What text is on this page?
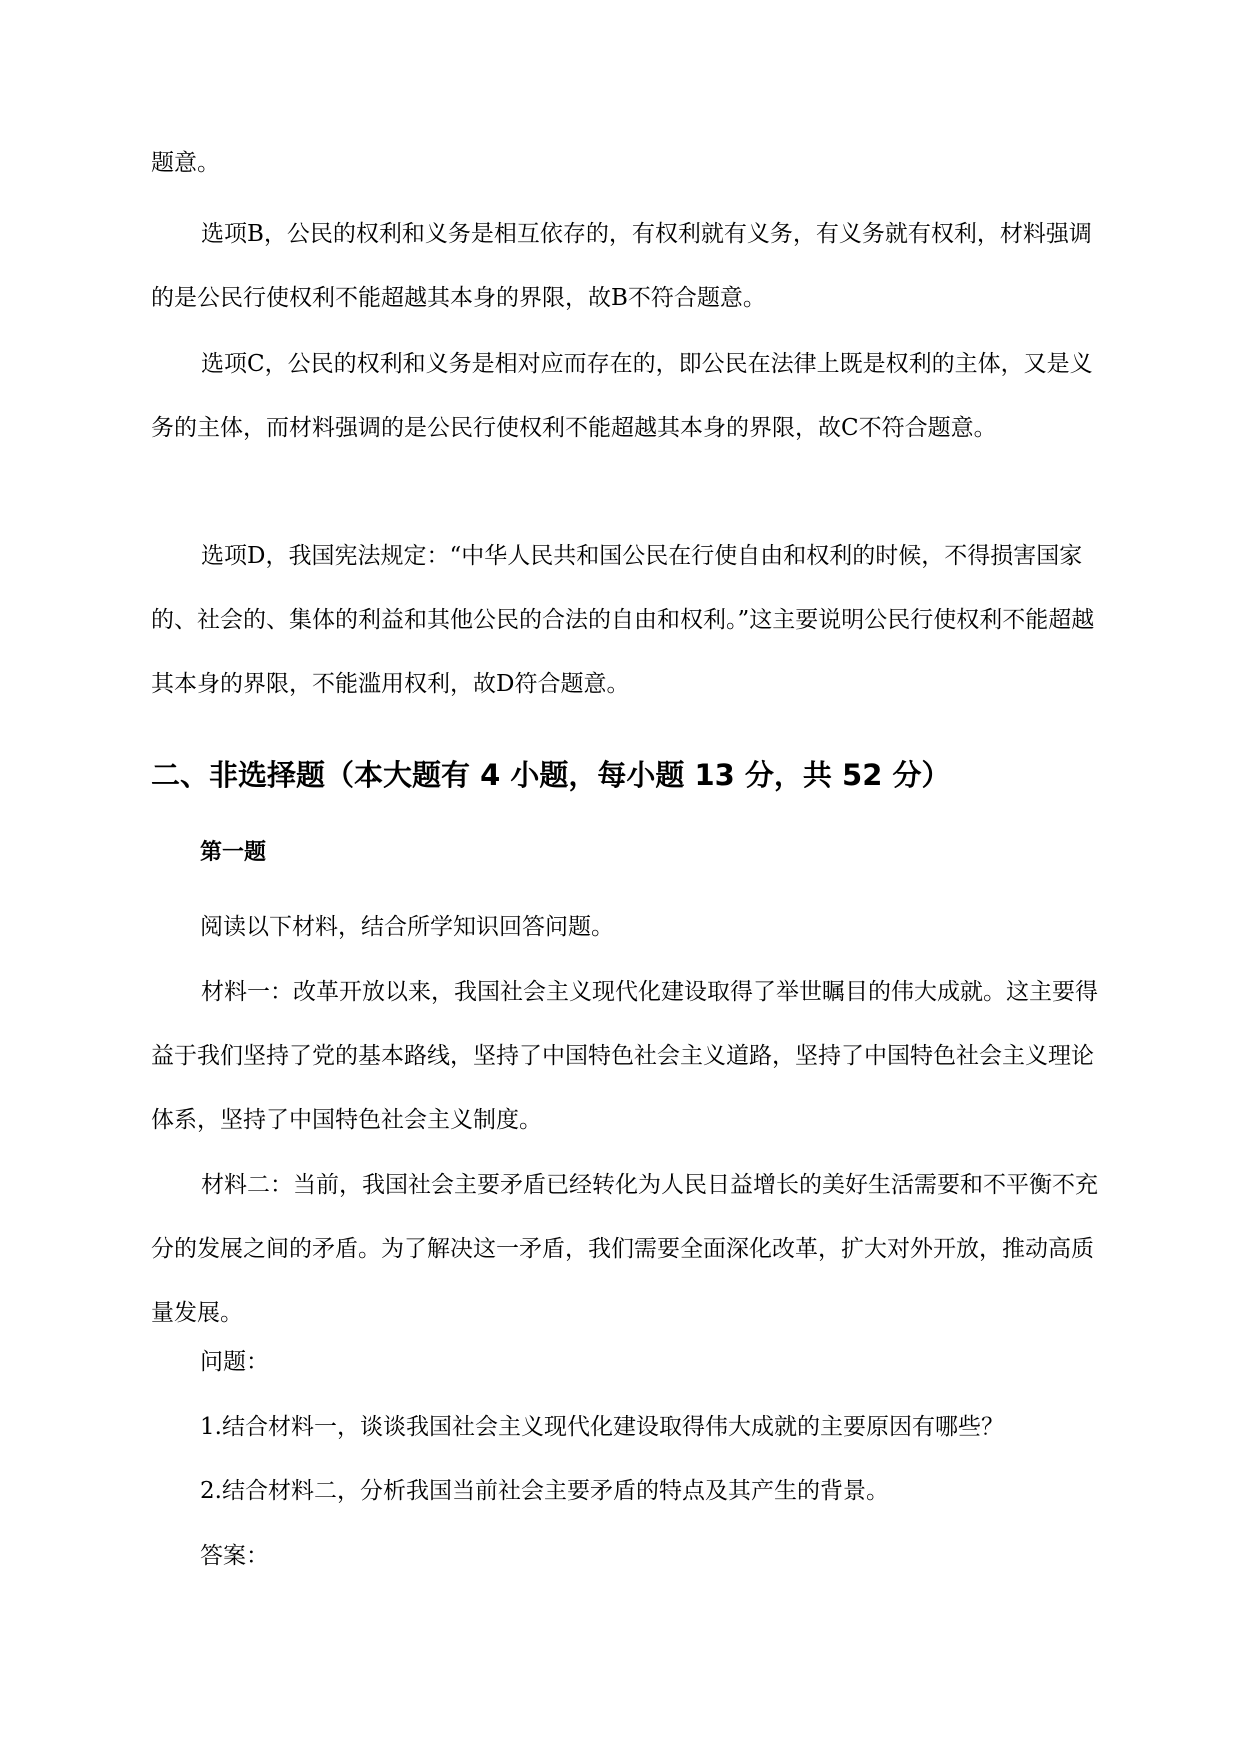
题意。

选项B，公民的权利和义务是相互依存的，有权利就有义务，有义务就有权利，材料强调的是公民行使权利不能超越其本身的界限，故B不符合题意。

选项C，公民的权利和义务是相对应而存在的，即公民在法律上既是权利的主体，又是义务的主体，而材料强调的是公民行使权利不能超越其本身的界限，故C不符合题意。

选项D，我国宪法规定：“中华人民共和国公民在行使自由和权利的时候，不得损害国家的、社会的、集体的利益和其他公民的合法的自由和权利。”这主要说明公民行使权利不能超越其本身的界限，不能滥用权利，故D符合题意。

二、非选择题（本大题有 4 小题，每小题 13 分，共 52 分）
第一题

阅读以下材料，结合所学知识回答问题。

材料一：改革开放以来，我国社会主义现代化建设取得了举世瞩目的伟大成就。这主要得益于我们坚持了党的基本路线，坚持了中国特色社会主义道路，坚持了中国特色社会主义理论体系，坚持了中国特色社会主义制度。

材料二：当前，我国社会主要矛盾已经转化为人民日益增长的美好生活需要和不平衡不充分的发展之间的矛盾。为了解决这一矛盾，我们需要全面深化改革，扩大对外开放，推动高质量发展。

问题：

1.结合材料一，谈谈我国社会主义现代化建设取得伟大成就的主要原因有哪些？

2.结合材料二，分析我国当前社会主要矛盾的特点及其产生的背景。

答案：
